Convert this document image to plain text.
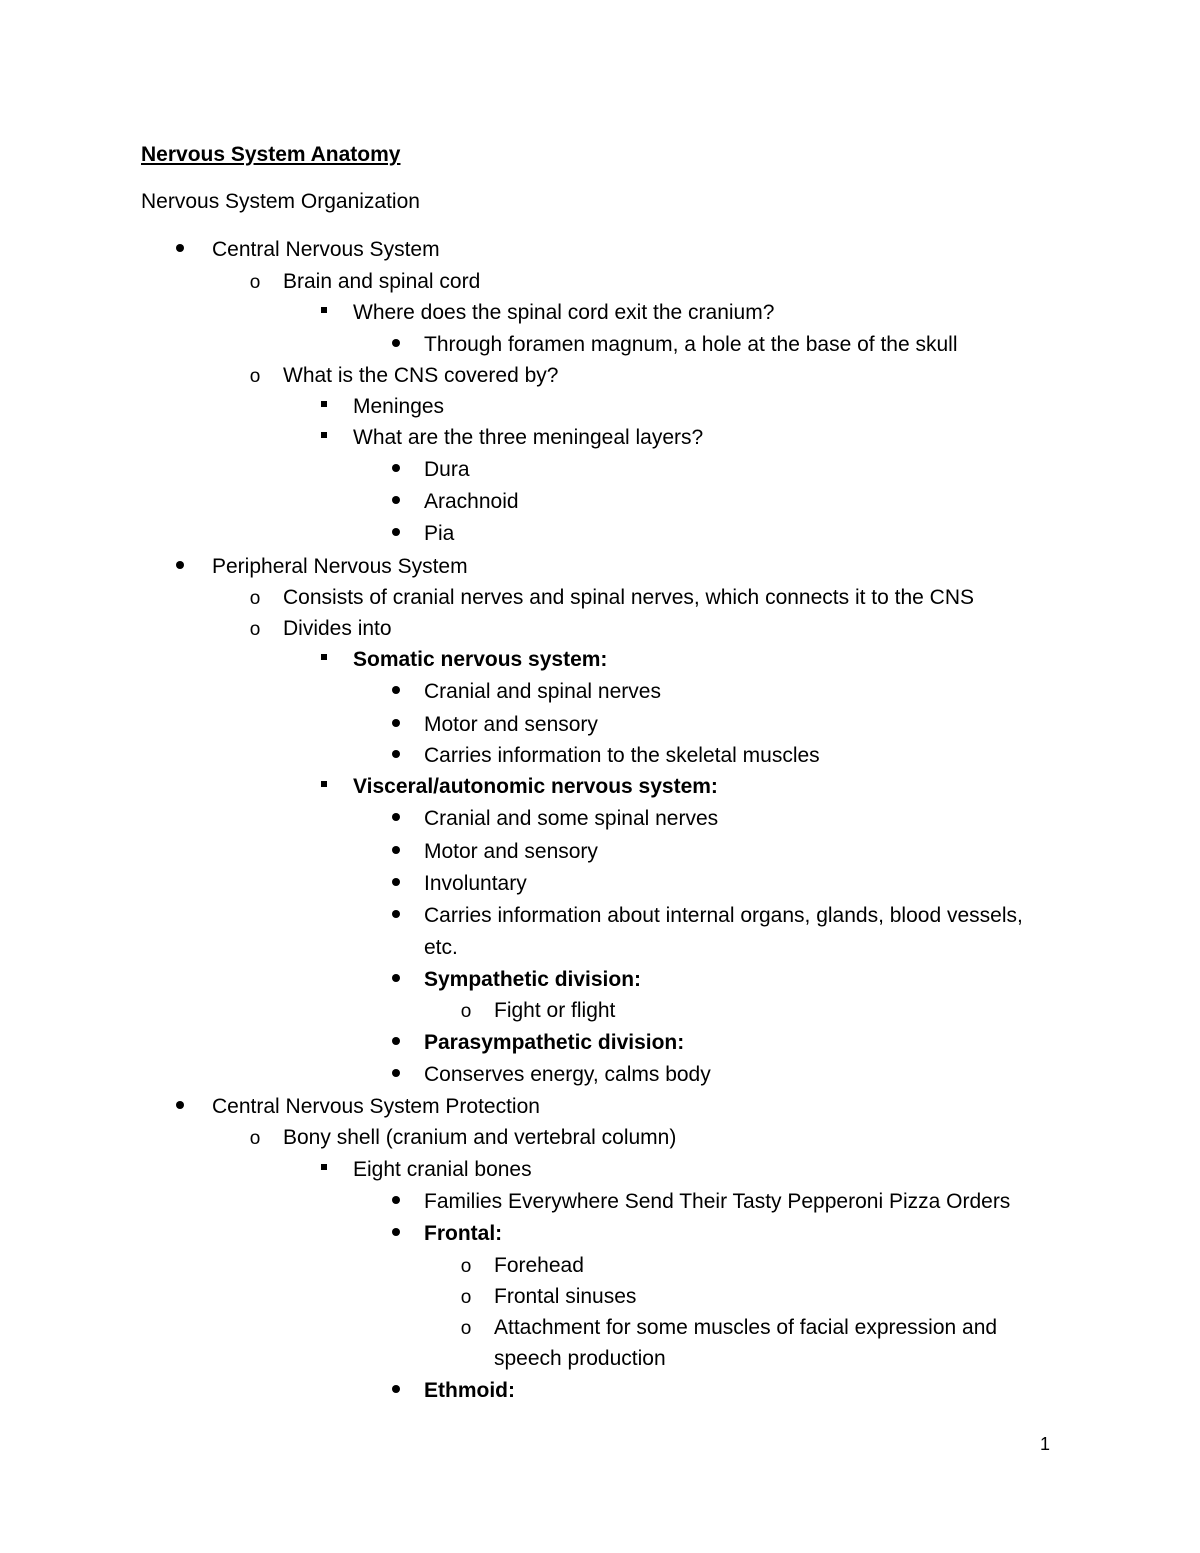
Nervous System Anatomy
Nervous System Organization
Central Nervous System
o
Brain and spinal cord
Where does the spinal cord exit the cranium?
Through foramen magnum, a hole at the base of the skull
o
What is the CNS covered by?
Meninges
What are the three meningeal layers?
Dura
Arachnoid
Pia
Peripheral Nervous System
o
Consists of cranial nerves and spinal nerves, which connects it to the CNS
o
Divides into
Somatic nervous system:
Cranial and spinal nerves
Motor and sensory
Carries information to the skeletal muscles
Visceral/autonomic nervous system:
Cranial and some spinal nerves
Motor and sensory
Involuntary
Carries information about internal organs, glands, blood vessels,
etc.
Sympathetic division:
o
Fight or flight
Parasympathetic division:
Conserves energy, calms body
Central Nervous System Protection
o
Bony shell (cranium and vertebral column)
Eight cranial bones
Families Everywhere Send Their Tasty Pepperoni Pizza Orders
Frontal:
o
Forehead
o
Frontal sinuses
o
Attachment for some muscles of facial expression and
speech production
Ethmoid:
1
